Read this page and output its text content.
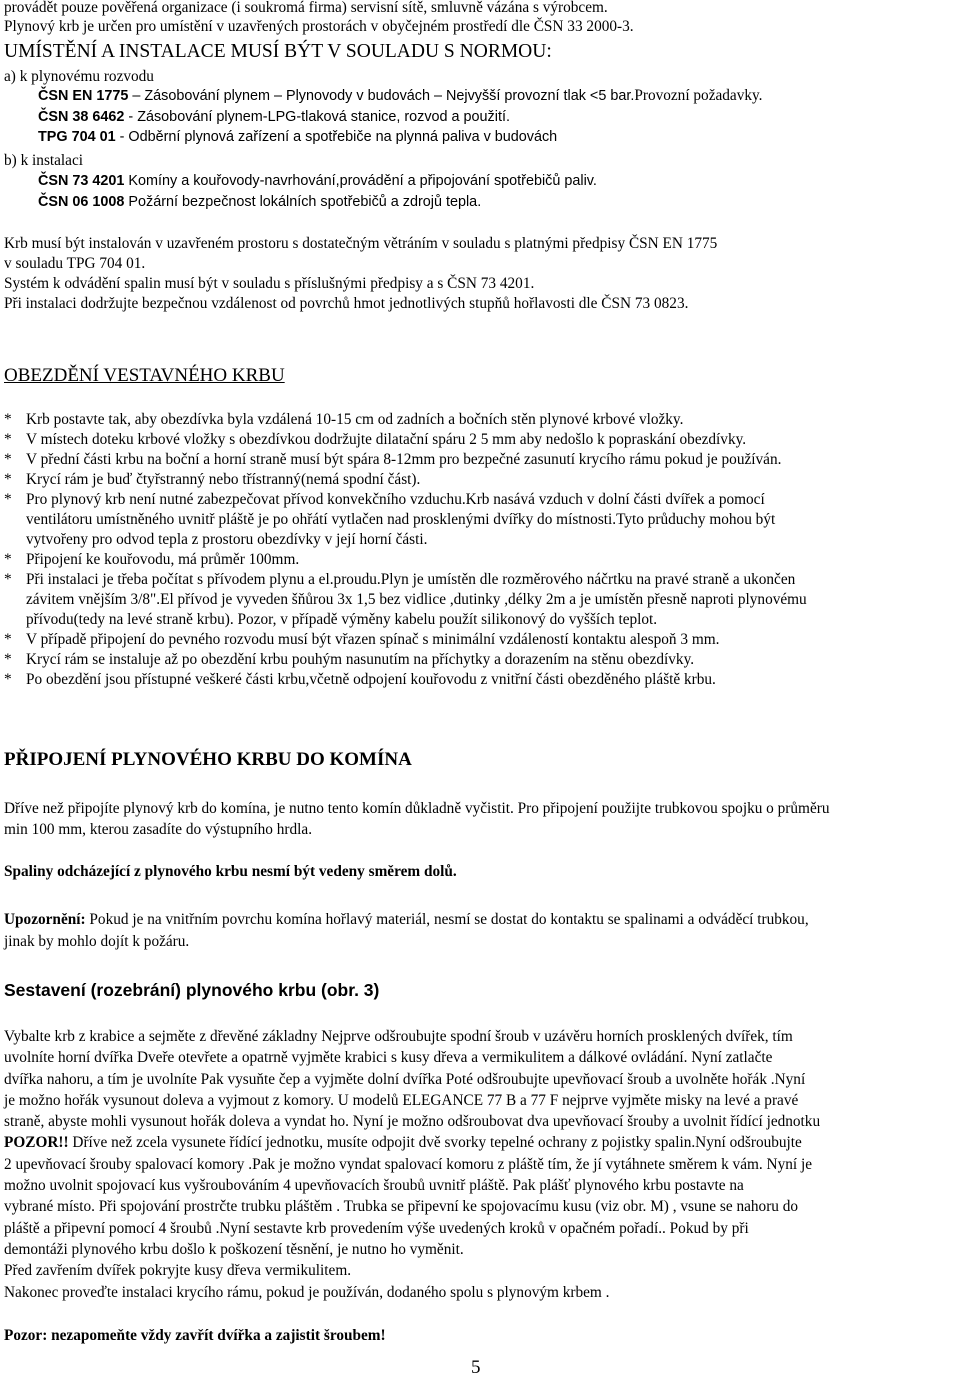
provádět pouze pověřená organizace (i soukromá firma) servisní sítě, smluvně vázána s výrobcem.

Plynový krb je určen pro umístění v uzavřených prostorách v obyčejném prostředí dle ČSN 33 2000-3.

UMÍSTĚNÍ A INSTALACE MUSÍ BÝT V SOULADU S NORMOU:

a) k plynovému rozvodu

ČSN EN 1775 – Zásobování plynem – Plynovody v budovách – Nejvyšší provozní tlak <5 bar.Provozní požadavky.

ČSN 38 6462 - Zásobování plynem-LPG-tlaková stanice, rozvod a použití.

TPG 704 01 - Odběrní plynová zařízení a spotřebiče na plynná paliva v budovách

b) k instalaci

ČSN 73 4201 Komíny a kouřovody-navrhování,provádění a připojování spotřebičů paliv.

ČSN 06 1008 Požární bezpečnost lokálních spotřebičů a zdrojů tepla.

Krb musí být instalován v uzavřeném prostoru s dostatečným větráním v souladu s platnými předpisy ČSN EN 1775

v souladu TPG 704 01.

Systém k odvádění spalin musí být v souladu s příslušnými předpisy a s ČSN 73 4201.

Při instalaci dodržujte bezpečnou vzdálenost od povrchů hmot jednotlivých stupňů hořlavosti dle ČSN 73 0823.

OBEZDĚNÍ VESTAVNÉHO KRBU

* Krb postavte tak, aby obezdívka byla vzdálená 10-15 cm od zadních a bočních stěn plynové krbové vložky.
* V místech doteku krbové vložky s obezdívkou dodržujte dilatační spáru 2 5 mm aby nedošlo k popraskání obezdívky.
* V přední části krbu na boční a horní straně musí být spára 8-12mm pro bezpečné zasunutí krycího rámu pokud je používán.
* Krycí rám je buď čtyřstranný nebo třístranný(nemá spodní část).
* Pro plynový krb není nutné zabezpečovat přívod konvekčního vzduchu.Krb nasává vzduch v dolní části dvířek a pomocí
ventilátoru umístněného uvnitř pláště je po ohřátí vytlačen nad prosklenými dvířky do místnosti.Tyto průduchy mohou být
vytvořeny pro odvod tepla z prostoru obezdívky v její horní části.
* Připojení ke kouřovodu, má průměr 100mm.
* Při instalaci je třeba počítat s přívodem plynu a el.proudu.Plyn je umístěn dle rozměrového náčrtku na pravé straně a ukončen
závitem vnějším 3/8".El přívod je vyveden šňůrou 3x 1,5 bez vidlice ,dutinky ,délky 2m a je umístěn přesně naproti plynovému
přívodu(tedy na levé straně krbu). Pozor, v případě výměny kabelu použít silikonový do vyšších teplot.
* V případě připojení do pevného rozvodu musí být vřazen spínač s minimální vzdáleností kontaktu alespoň 3 mm.
* Krycí rám se instaluje až po obezdění krbu pouhým nasunutím na příchytky a dorazením na stěnu obezdívky.
* Po obezdění jsou přístupné veškeré části krbu,včetně odpojení kouřovodu z vnitřní části obezděného pláště krbu.

PŘIPOJENÍ PLYNOVÉHO KRBU DO KOMÍNA

Dříve než připojíte plynový krb do komína, je nutno tento komín důkladně vyčistit. Pro připojení použijte trubkovou spojku o průměru

min 100 mm, kterou zasadíte do výstupního hrdla.

Spaliny odcházející z plynového krbu nesmí být vedeny směrem dolů.

Upozornění: Pokud je na vnitřním povrchu komína hořlavý materiál, nesmí se dostat do kontaktu se spalinami a odváděcí trubkou,

jinak by mohlo dojít k požáru.

Sestavení (rozebrání) plynového krbu (obr. 3)

Vybalte krb z krabice a sejměte z dřevěné základny Nejprve odšroubujte spodní šroub v uzávěru horních prosklených dvířek, tím

uvolníte horní dvířka Dveře otevřete a opatrně vyjměte krabici s kusy dřeva a vermikulitem a dálkové ovládání. Nyní zatlačte

dvířka nahoru, a tím je uvolníte Pak vysuňte čep a vyjměte dolní dvířka Poté odšroubujte upevňovací šroub a uvolněte hořák .Nyní

je možno hořák vysunout doleva a vyjmout z komory. U modelů ELEGANCE 77 B a 77 F nejprve vyjměte misky na levé a pravé

straně, abyste mohli vysunout hořák doleva a vyndat ho. Nyní je možno odšroubovat dva upevňovací šrouby a uvolnit řídící jednotku

POZOR!! Dříve než zcela vysunete řídící jednotku, musíte odpojit dvě svorky tepelné ochrany z pojistky spalin.Nyní odšroubujte

2 upevňovací šrouby spalovací komory .Pak je možno vyndat spalovací komoru z pláště tím, že jí vytáhnete směrem k vám. Nyní je

možno uvolnit spojovací kus vyšroubováním 4 upevňovacích šroubů uvnitř pláště. Pak plášť plynového krbu postavte na

vybrané místo. Při spojování prostrčte trubku pláštěm . Trubka se připevní ke spojovacímu kusu (viz obr. M) , vsune se nahoru do

pláště a připevní pomocí 4 šroubů .Nyní sestavte krb provedením výše uvedených kroků v opačném pořadí.. Pokud by při

demontáži plynového krbu došlo k poškození těsnění, je nutno ho vyměnit.

Před zavřením dvířek pokryjte kusy dřeva vermikulitem.

Nakonec proveďte instalaci krycího rámu, pokud je používán, dodaného spolu s plynovým krbem .

Pozor: nezapomeňte vždy zavřít dvířka a zajistit šroubem!

5
